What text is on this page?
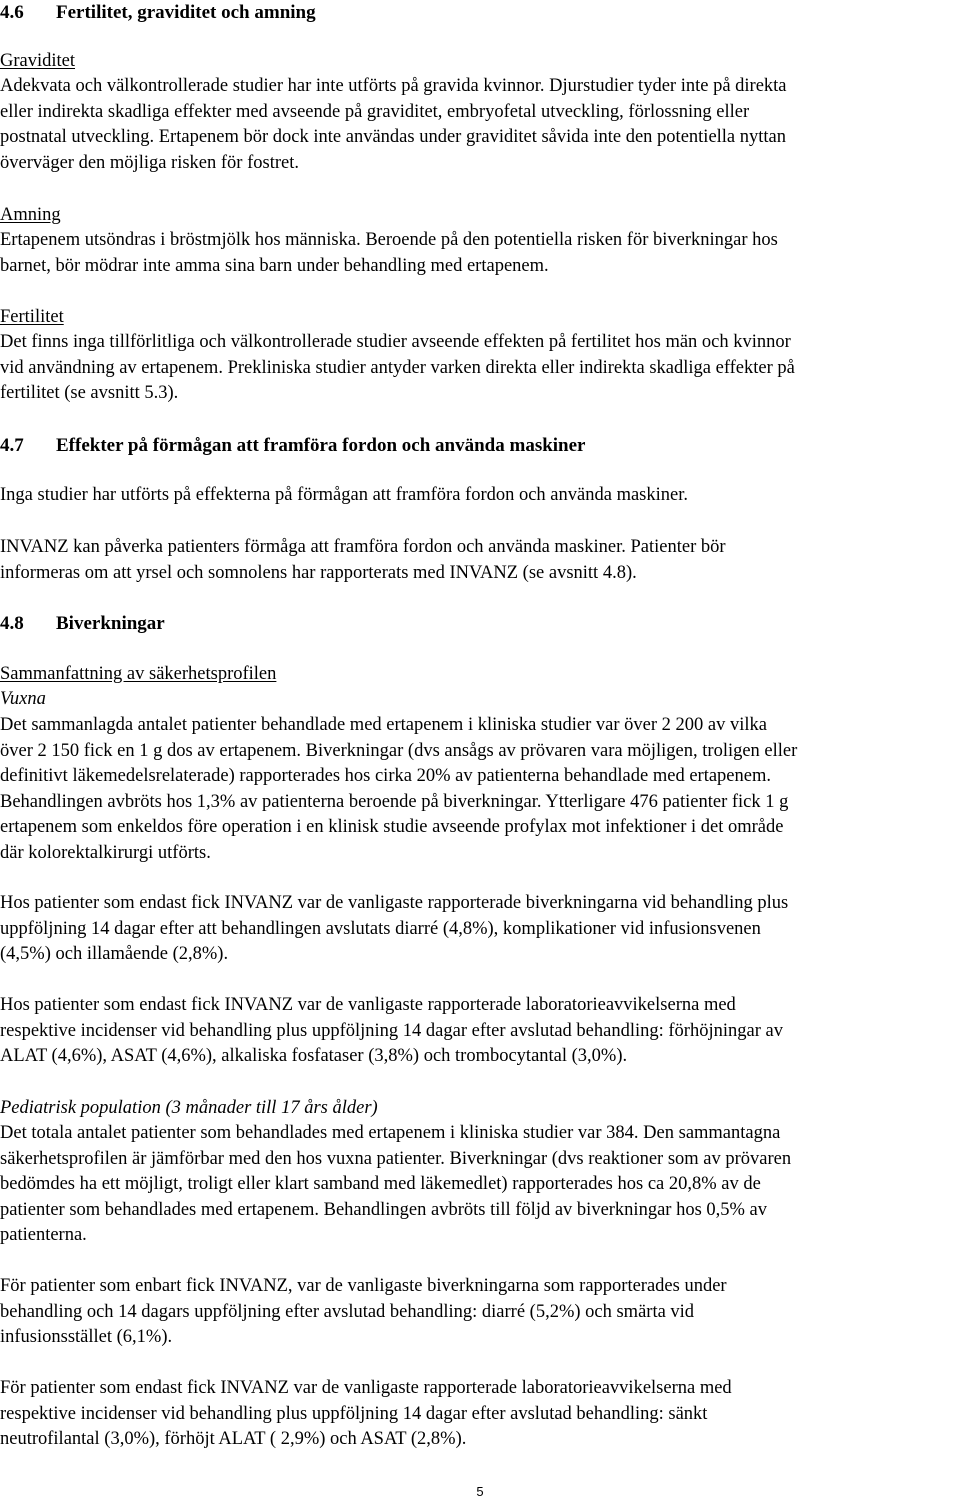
4.6 Fertilitet, graviditet och amning
Graviditet
Adekvata och välkontrollerade studier har inte utförts på gravida kvinnor. Djurstudier tyder inte på direkta
eller indirekta skadliga effekter med avseende på graviditet, embryofetal utveckling, förlossning eller
postnatal utveckling. Ertapenem bör dock inte användas under graviditet såvida inte den potentiella nyttan
överväger den möjliga risken för fostret.
Amning
Ertapenem utsöndras i bröstmjölk hos människa. Beroende på den potentiella risken för biverkningar hos
barnet, bör mödrar inte amma sina barn under behandling med ertapenem.
Fertilitet
Det finns inga tillförlitliga och välkontrollerade studier avseende effekten på fertilitet hos män och kvinnor
vid användning av ertapenem. Prekliniska studier antyder varken direkta eller indirekta skadliga effekter på
fertilitet (se avsnitt 5.3).
4.7 Effekter på förmågan att framföra fordon och använda maskiner
Inga studier har utförts på effekterna på förmågan att framföra fordon och använda maskiner.
INVANZ kan påverka patienters förmåga att framföra fordon och använda maskiner. Patienter bör
informeras om att yrsel och somnolens har rapporterats med INVANZ (se avsnitt 4.8).
4.8 Biverkningar
Sammanfattning av säkerhetsprofilen
Vuxna
Det sammanlagda antalet patienter behandlade med ertapenem i kliniska studier var över 2 200 av vilka
över 2 150 fick en 1 g dos av ertapenem. Biverkningar (dvs ansågs av prövaren vara möjligen, troligen eller
definitivt läkemedelsrelaterade) rapporterades hos cirka 20% av patienterna behandlade med ertapenem.
Behandlingen avbröts hos 1,3% av patienterna beroende på biverkningar. Ytterligare 476 patienter fick 1 g
ertapenem som enkeldos före operation i en klinisk studie avseende profylax mot infektioner i det område
där kolorektalkirurgi utförts.
Hos patienter som endast fick INVANZ var de vanligaste rapporterade biverkningarna vid behandling plus
uppföljning 14 dagar efter att behandlingen avslutats diarré (4,8%), komplikationer vid infusionsvenen
(4,5%) och illamående (2,8%).
Hos patienter som endast fick INVANZ var de vanligaste rapporterade laboratorieavvikelserna med
respektive incidenser vid behandling plus uppföljning 14 dagar efter avslutad behandling: förhöjningar av
ALAT (4,6%), ASAT (4,6%), alkaliska fosfataser (3,8%) och trombocytantal (3,0%).
Pediatrisk population (3 månader till 17 års ålder)
Det totala antalet patienter som behandlades med ertapenem i kliniska studier var 384. Den sammantagna
säkerhetsprofilen är jämförbar med den hos vuxna patienter. Biverkningar (dvs reaktioner som av prövaren
bedömdes ha ett möjligt, troligt eller klart samband med läkemedlet) rapporterades hos ca 20,8% av de
patienter som behandlades med ertapenem. Behandlingen avbröts till följd av biverkningar hos 0,5% av
patienterna.
För patienter som enbart fick INVANZ, var de vanligaste biverkningarna som rapporterades under
behandling och 14 dagars uppföljning efter avslutad behandling: diarré (5,2%) och smärta vid
infusionsstället (6,1%).
För patienter som endast fick INVANZ var de vanligaste rapporterade laboratorieavvikelserna med
respektive incidenser vid behandling plus uppföljning 14 dagar efter avslutad behandling: sänkt
neutrofilantal (3,0%), förhöjt ALAT ( 2,9%) och ASAT (2,8%).
5
